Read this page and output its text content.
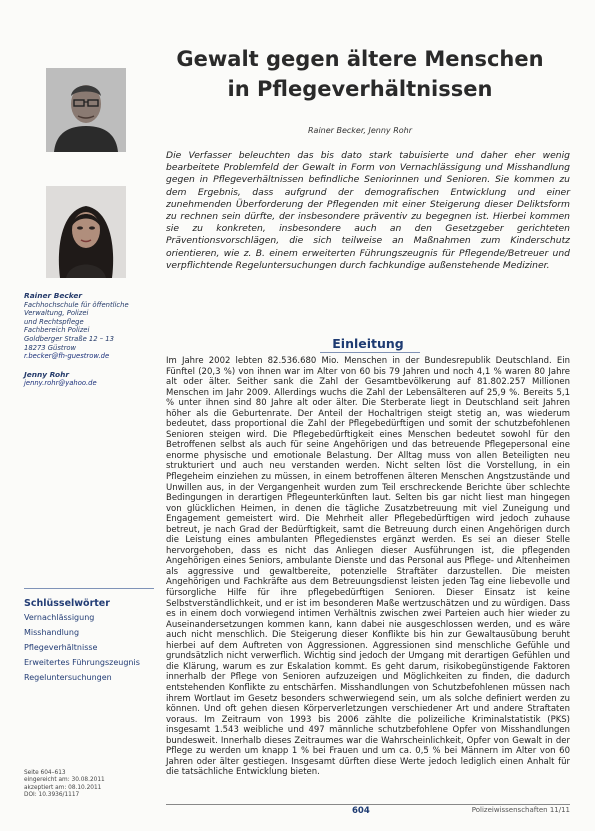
Gewalt gegen ältere Menschen
in Pflegeverhältnissen
Rainer Becker, Jenny Rohr
Die Verfasser beleuchten das bis dato stark tabuisierte und daher eher wenig bearbeitete Problemfeld der Gewalt in Form von Vernachlässigung und Misshandlung gegen in Pflegeverhältnissen befindliche Seniorinnen und Senioren. Sie kommen zu dem Ergebnis, dass aufgrund der demografischen Entwicklung und einer zunehmenden Überforderung der Pflegenden mit einer Steigerung dieser Deliktsform zu rechnen sein dürfte, der insbesondere präventiv zu begegnen ist. Hierbei kommen sie zu konkreten, insbesondere auch an den Gesetzgeber gerichteten Präventionsvorschlägen, die sich teilweise an Maßnahmen zum Kinderschutz orientieren, wie z. B. einem erweiterten Führungszeugnis für Pflegende/Betreuer und verpflichtende Regeluntersuchungen durch fachkundige außenstehende Mediziner.
Rainer Becker
Fachhochschule für öffentliche
Verwaltung, Polizei
und Rechtspflege
Fachbereich Polizei
Goldberger Straße 12 – 13
18273 Güstrow
r.becker@fh-guestrow.de
Jenny Rohr
jenny.rohr@yahoo.de
Schlüsselwörter
Vernachlässigung
Misshandlung
Pflegeverhältnisse
Erweitertes Führungszeugnis
Regeluntersuchungen
Seite 604–613
eingereicht am: 30.08.2011
akzeptiert am: 08.10.2011
DOI: 10.3936/1117
Einleitung
Im Jahre 2002 lebten 82.536.680 Mio. Menschen in der Bundesrepublik Deutschland. Ein Fünftel (20,3 %) von ihnen war im Alter von 60 bis 79 Jahren und noch 4,1 % waren 80 Jahre alt oder älter. Seither sank die Zahl der Gesamtbevölkerung auf 81.802.257 Millionen Menschen im Jahr 2009. Allerdings wuchs die Zahl der Lebensälteren auf 25,9 %. Bereits 5,1 % unter ihnen sind 80 Jahre alt oder älter. Die Sterberate liegt in Deutschland seit Jahren höher als die Geburtenrate. Der Anteil der Hochaltrigen steigt stetig an, was wiederum bedeutet, dass proportional die Zahl der Pflegebedürftigen und somit der schutzbefohlenen Senioren steigen wird. Die Pflegebedürftigkeit eines Menschen bedeutet sowohl für den Betroffenen selbst als auch für seine Angehörigen und das betreuende Pflegepersonal eine enorme physische und emotionale Belastung. Der Alltag muss von allen Beteiligten neu strukturiert und auch neu verstanden werden. Nicht selten löst die Vorstellung, in ein Pflegeheim einziehen zu müssen, in einem betroffenen älteren Menschen Angstzustände und Unwillen aus, in der Vergangenheit wurden zum Teil erschreckende Berichte über schlechte Bedingungen in derartigen Pflegeunterkünften laut. Selten bis gar nicht liest man hingegen von glücklichen Heimen, in denen die tägliche Zusatzbetreuung mit viel Zuneigung und Engagement gemeistert wird. Die Mehrheit aller Pflegebedürftigen wird jedoch zuhause betreut, je nach Grad der Bedürftigkeit, samt die Betreuung durch einen Angehörigen durch die Leistung eines ambulanten Pflegedienstes ergänzt werden. Es sei an dieser Stelle hervorgehoben, dass es nicht das Anliegen dieser Ausführungen ist, die pflegenden Angehörigen eines Seniors, ambulante Dienste und das Personal aus Pflege- und Altenheimen als aggressive und gewaltbereite, potenzielle Straftäter darzustellen. Die meisten Angehörigen und Fachkräfte aus dem Betreuungsdienst leisten jeden Tag eine liebevolle und fürsorgliche Hilfe für ihre pflegebedürftigen Senioren. Dieser Einsatz ist keine Selbstverständlichkeit, und er ist im besonderen Maße wertzuschätzen und zu würdigen. Dass es in einem doch vorwiegend intimen Verhältnis zwischen zwei Parteien auch hier wieder zu Auseinandersetzungen kommen kann, kann dabei nie ausgeschlossen werden, und es wäre auch nicht menschlich. Die Steigerung dieser Konflikte bis hin zur Gewaltausübung beruht hierbei auf dem Auftreten von Aggressionen. Aggressionen sind menschliche Gefühle und grundsätzlich nicht verwerflich. Wichtig sind jedoch der Umgang mit derartigen Gefühlen und die Klärung, warum es zur Eskalation kommt. Es geht darum, risikobegünstigende Faktoren innerhalb der Pflege von Senioren aufzuzeigen und Möglichkeiten zu finden, die dadurch entstehenden Konflikte zu entschärfen. Misshandlungen von Schutzbefohlenen müssen nach ihrem Wortlaut im Gesetz besonders schwerwiegend sein, um als solche definiert werden zu können. Und oft gehen diesen Körperverletzungen verschiedener Art und andere Straftaten voraus. Im Zeitraum von 1993 bis 2006 zählte die polizeiliche Kriminalstatistik (PKS) insgesamt 1.543 weibliche und 497 männliche schutzbefohlene Opfer von Misshandlungen bundesweit. Innerhalb dieses Zeitraumes war die Wahrscheinlichkeit, Opfer von Gewalt in der Pflege zu werden um knapp 1 % bei Frauen und um ca. 0,5 % bei Männern im Alter von 60 Jahren oder älter gestiegen. Insgesamt dürften diese Werte jedoch lediglich einen Anhalt für die tatsächliche Entwicklung bieten.
604	Polizeiwissenschaften 11/11
